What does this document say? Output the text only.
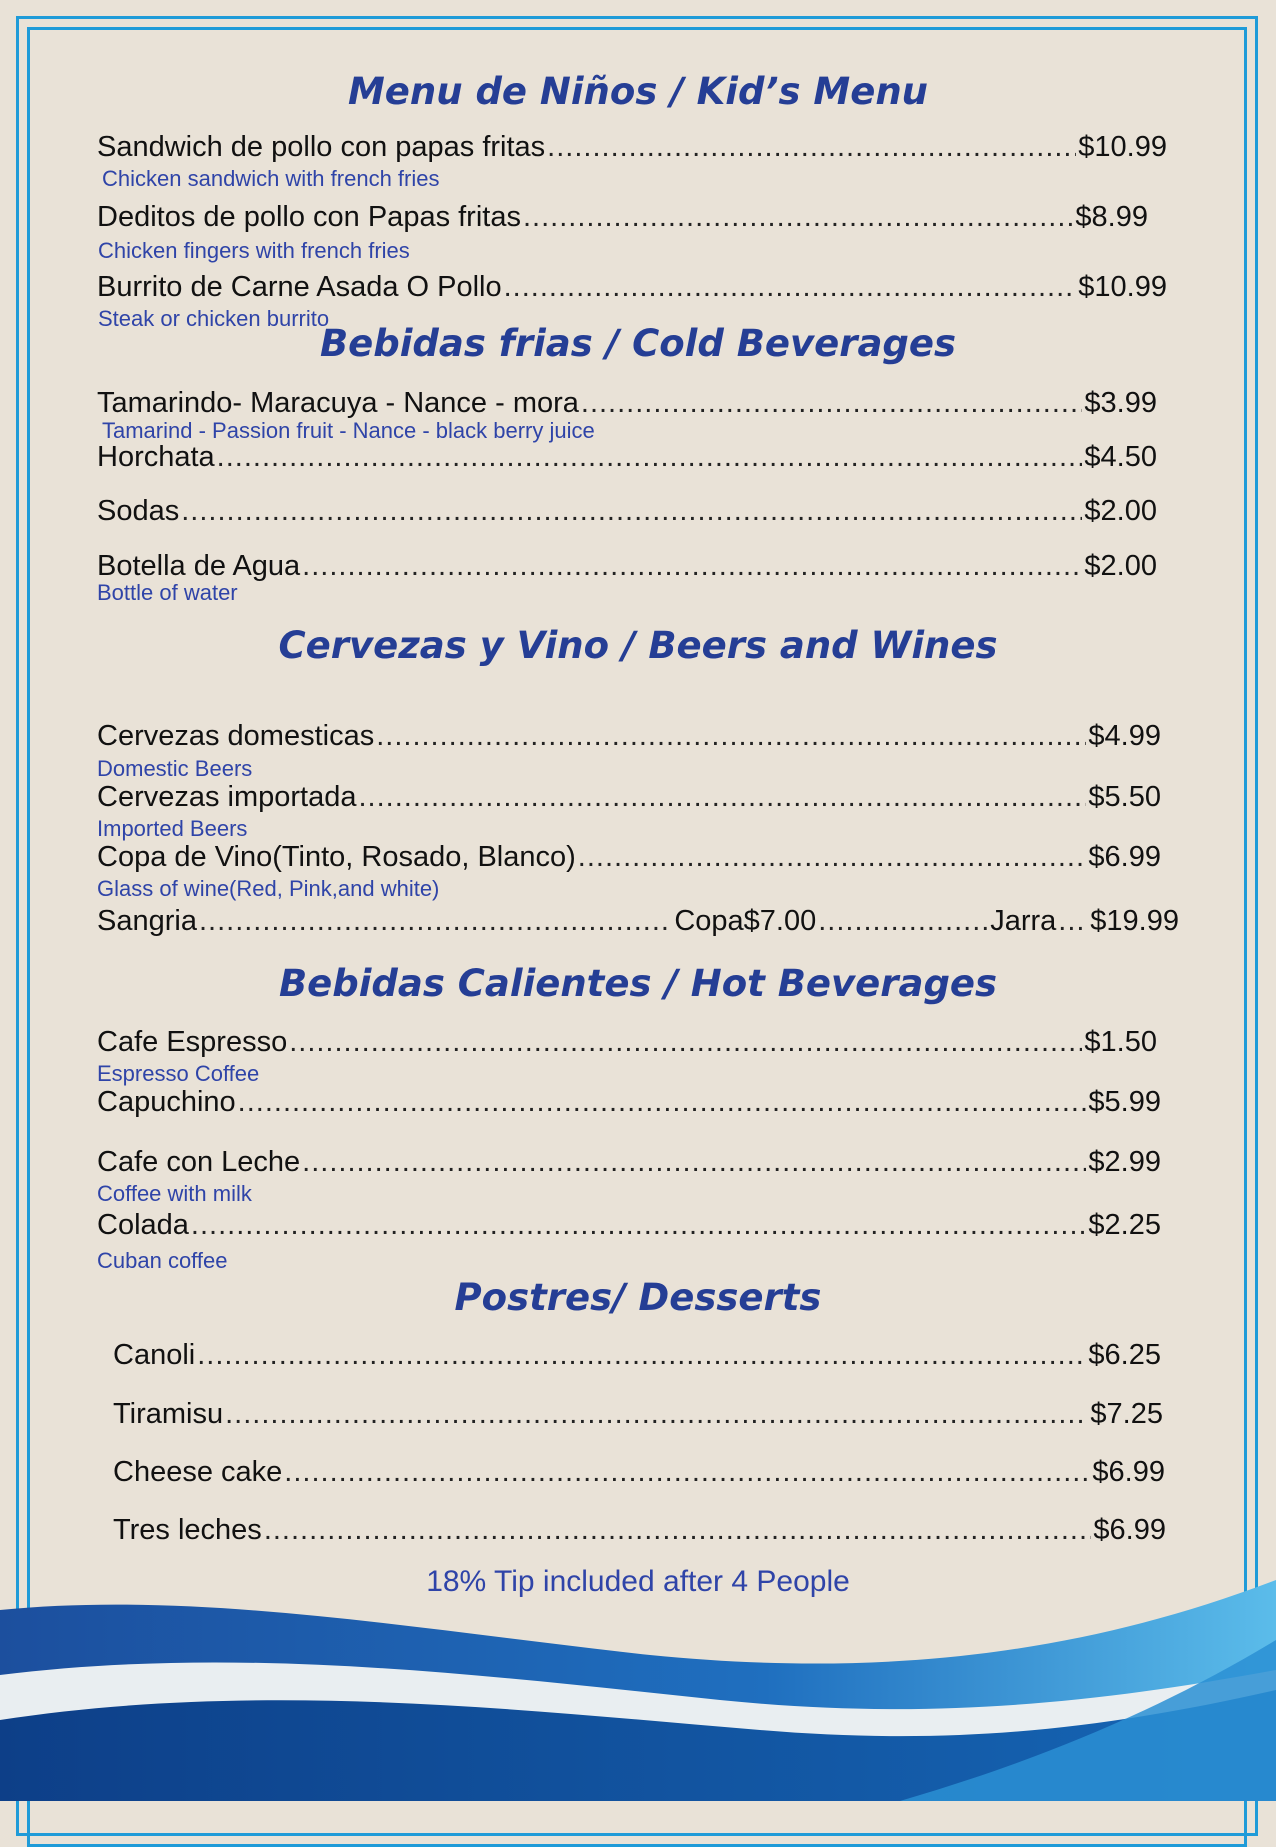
Menu de Niños / Kid’s Menu
Sandwich de pollo con papas fritas .....	$10.99
Chicken sandwich with french fries
Deditos de pollo con Papas fritas .....	$8.99
Chicken fingers with french fries
Burrito de Carne Asada O Pollo .....	$10.99
Steak or chicken burrito
Bebidas frias / Cold Beverages
Tamarindo- Maracuya - Nance - mora .....	$3.99
Tamarind - Passion fruit - Nance - black berry juice
Horchata .....	$4.50
Sodas .....	$2.00
Botella de Agua .....	$2.00
Bottle of water
Cervezas y Vino / Beers and Wines
Cervezas domesticas .....	$4.99
Domestic Beers
Cervezas importada .....	$5.50
Imported Beers
Copa de Vino(Tinto, Rosado, Blanco) .....	$6.99
Glass of wine(Red, Pink,and white)
Sangria .....	Copa$7.00 .....	Jarra ..... $19.99
Bebidas Calientes / Hot Beverages
Cafe Espresso .....	$1.50
Espresso Coffee
Capuchino .....	$5.99
Cafe con Leche .....	$2.99
Coffee with milk
Colada .....	$2.25
Cuban coffee
Postres/ Desserts
Canoli .....	$6.25
Tiramisu .....	$7.25
Cheese cake .....	$6.99
Tres leches .....	$6.99
18% Tip included after 4 People
